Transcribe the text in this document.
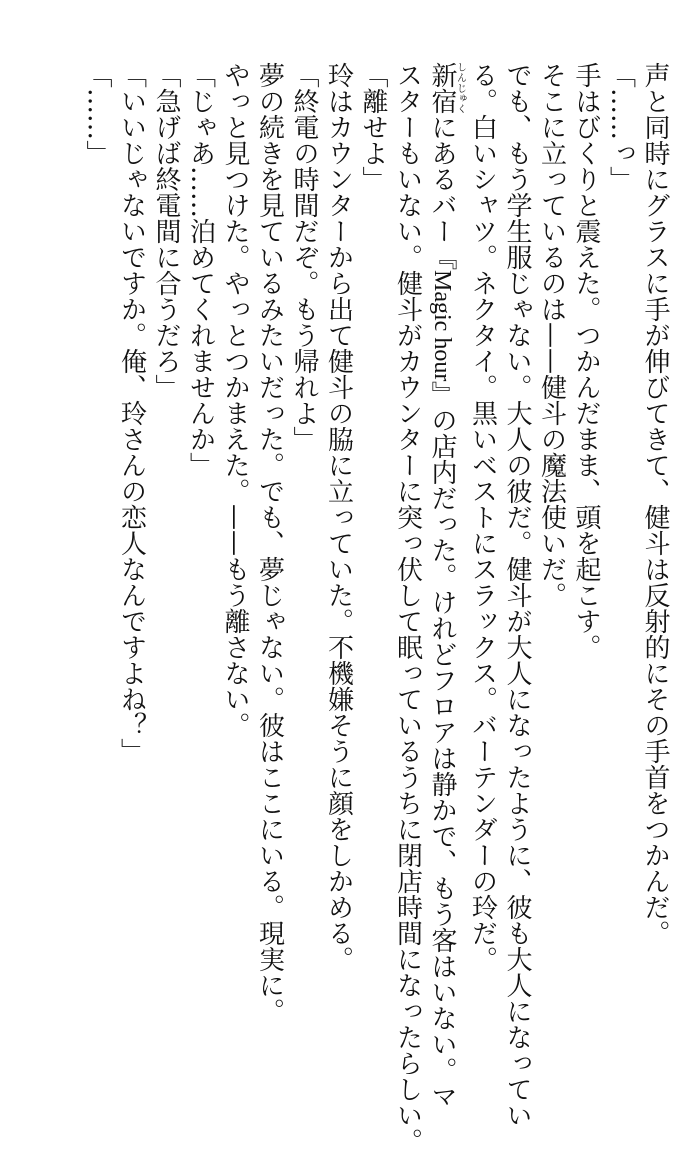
声と同時にグラスに手が伸びてきて、健斗は反射的にその手首をつかんだ。

「……っ」

手はびくりと震えた。つかんだまま、頭を起こす。

そこに立っているのは——健斗の魔法使いだ。

でも、もう学生服じゃない。大人の彼だ。健斗が大人になったように、彼も大人になってい

る。白いシャツ。ネクタイ。黒いベストにスラックス。バーテンダーの玲だ。

新宿しんじゅくにあるバー『Magic hour』の店内だった。けれどフロアは静かで、もう客はいない。マ

スターもいない。健斗がカウンターに突っ伏して眠っているうちに閉店時間になったらしい。

「離せよ」

玲はカウンターから出て健斗の脇に立っていた。不機嫌そうに顔をしかめる。

「終電の時間だぞ。もう帰れよ」

夢の続きを見ているみたいだった。でも、夢じゃない。彼はここにいる。現実に。

やっと見つけた。やっとつかまえた。——もう離さない。

「じゃあ……泊めてくれませんか」

「急げば終電間に合うだろ」

「いいじゃないですか。俺、玲さんの恋人なんですよね？」

「……」
